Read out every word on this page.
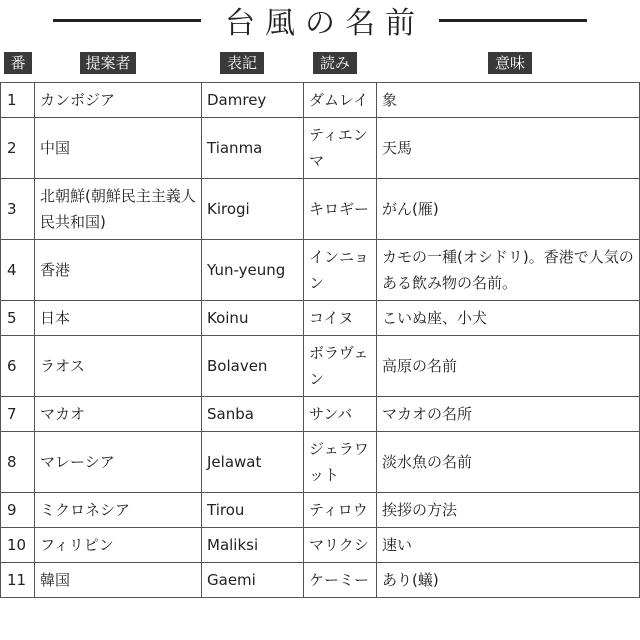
台風の名前
番	提案者	表記	読み	意味
1	カンボジア	Damrey	ダムレイ	象
2	中国	Tianma	ティエンマ	天馬
3	北朝鮮(朝鮮民主主義人民共和国)	Kirogi	キロギー	がん(雁)
4	香港	Yun-yeung	インニョン	カモの一種(オシドリ)。香港で人気のある飲み物の名前。
5	日本	Koinu	コイヌ	こいぬ座、小犬
6	ラオス	Bolaven	ボラヴェン	高原の名前
7	マカオ	Sanba	サンバ	マカオの名所
8	マレーシア	Jelawat	ジェラワット	淡水魚の名前
9	ミクロネシア	Tirou	ティロウ	挨拶の方法
10	フィリピン	Maliksi	マリクシ	速い
11	韓国	Gaemi	ケーミー	あり(蟻)
